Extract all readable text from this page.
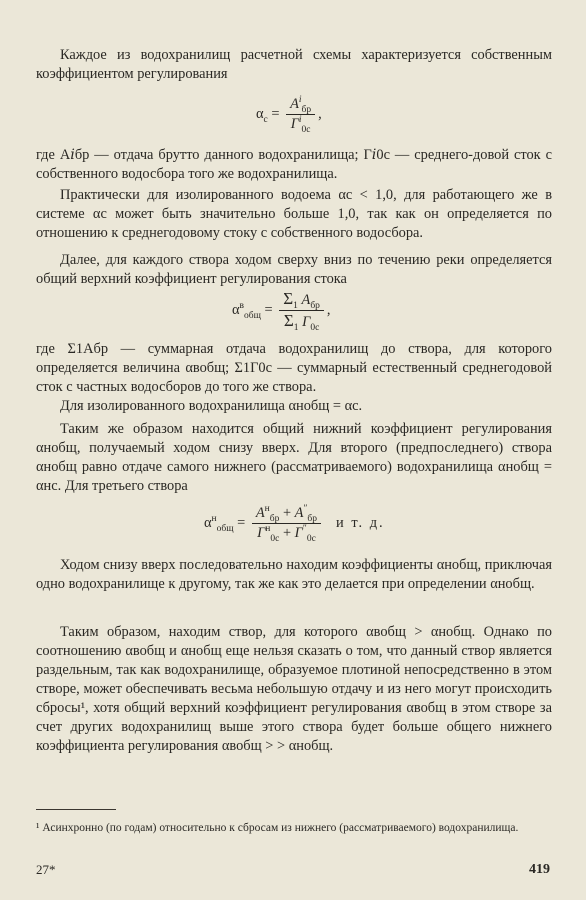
Каждое из водохранилищ расчетной схемы характеризуется собственным коэффициентом регулирования

$\alpha_c = \frac{A^i_{бр}}{\Gamma^i_{0c}}$ ,

где A𝑖бр — отдача брутто данного водохранилища; Γ𝑖0c — среднего-довой сток с собственного водосбора того же водохранилища.

Практически для изолированного водоема αc < 1,0, для работающего же в системе αc может быть значительно больше 1,0, так как он определяется по отношению к среднегодовому стоку с собственного водосбора.

Далее, для каждого створа ходом сверху вниз по течению реки определяется общий верхний коэффициент регулирования стока

$\alpha^в_{общ} = \frac{\Sigma_1 A_{бр}}{\Sigma_1 \Gamma_{0c}}$ ,

где Σ1Aбр — суммарная отдача водохранилищ до створа, для которого определяется величина αвобщ; Σ1Γ0c — суммарный естественный среднегодовой сток с частных водосборов до того же створа.

Для изолированного водохранилища αнобщ = αc.

Таким же образом находится общий нижний коэффициент регулирования αнобщ, получаемый ходом снизу вверх. Для второго (предпоследнего) створа αнобщ равно отдаче самого нижнего (рассматриваемого) водохранилища αнобщ = αнc. Для третьего створа

$\alpha^н_{общ} = \frac{A^н_{бр} + A''_{бр}}{\Gamma^н_{0c} + \Gamma''_{0c}}$ и т. д.

Ходом снизу вверх последовательно находим коэффициенты αнобщ, приключая одно водохранилище к другому, так же как это делается при определении αнобщ.

Таким образом, находим створ, для которого αвобщ > αнобщ. Однако по соотношению αвобщ и αнобщ еще нельзя сказать о том, что данный створ является раздельным, так как водохранилище, образуемое плотиной непосредственно в этом створе, может обеспечивать весьма небольшую отдачу и из него могут происходить сбросы¹, хотя общий верхний коэффициент регулирования αвобщ в этом створе за счет других водохранилищ выше этого створа будет больше общего нижнего коэффициента регулирования αвобщ > > αнобщ.

¹ Асинхронно (по годам) относительно к сбросам из нижнего (рассматриваемого) водохранилища.

27*	419
